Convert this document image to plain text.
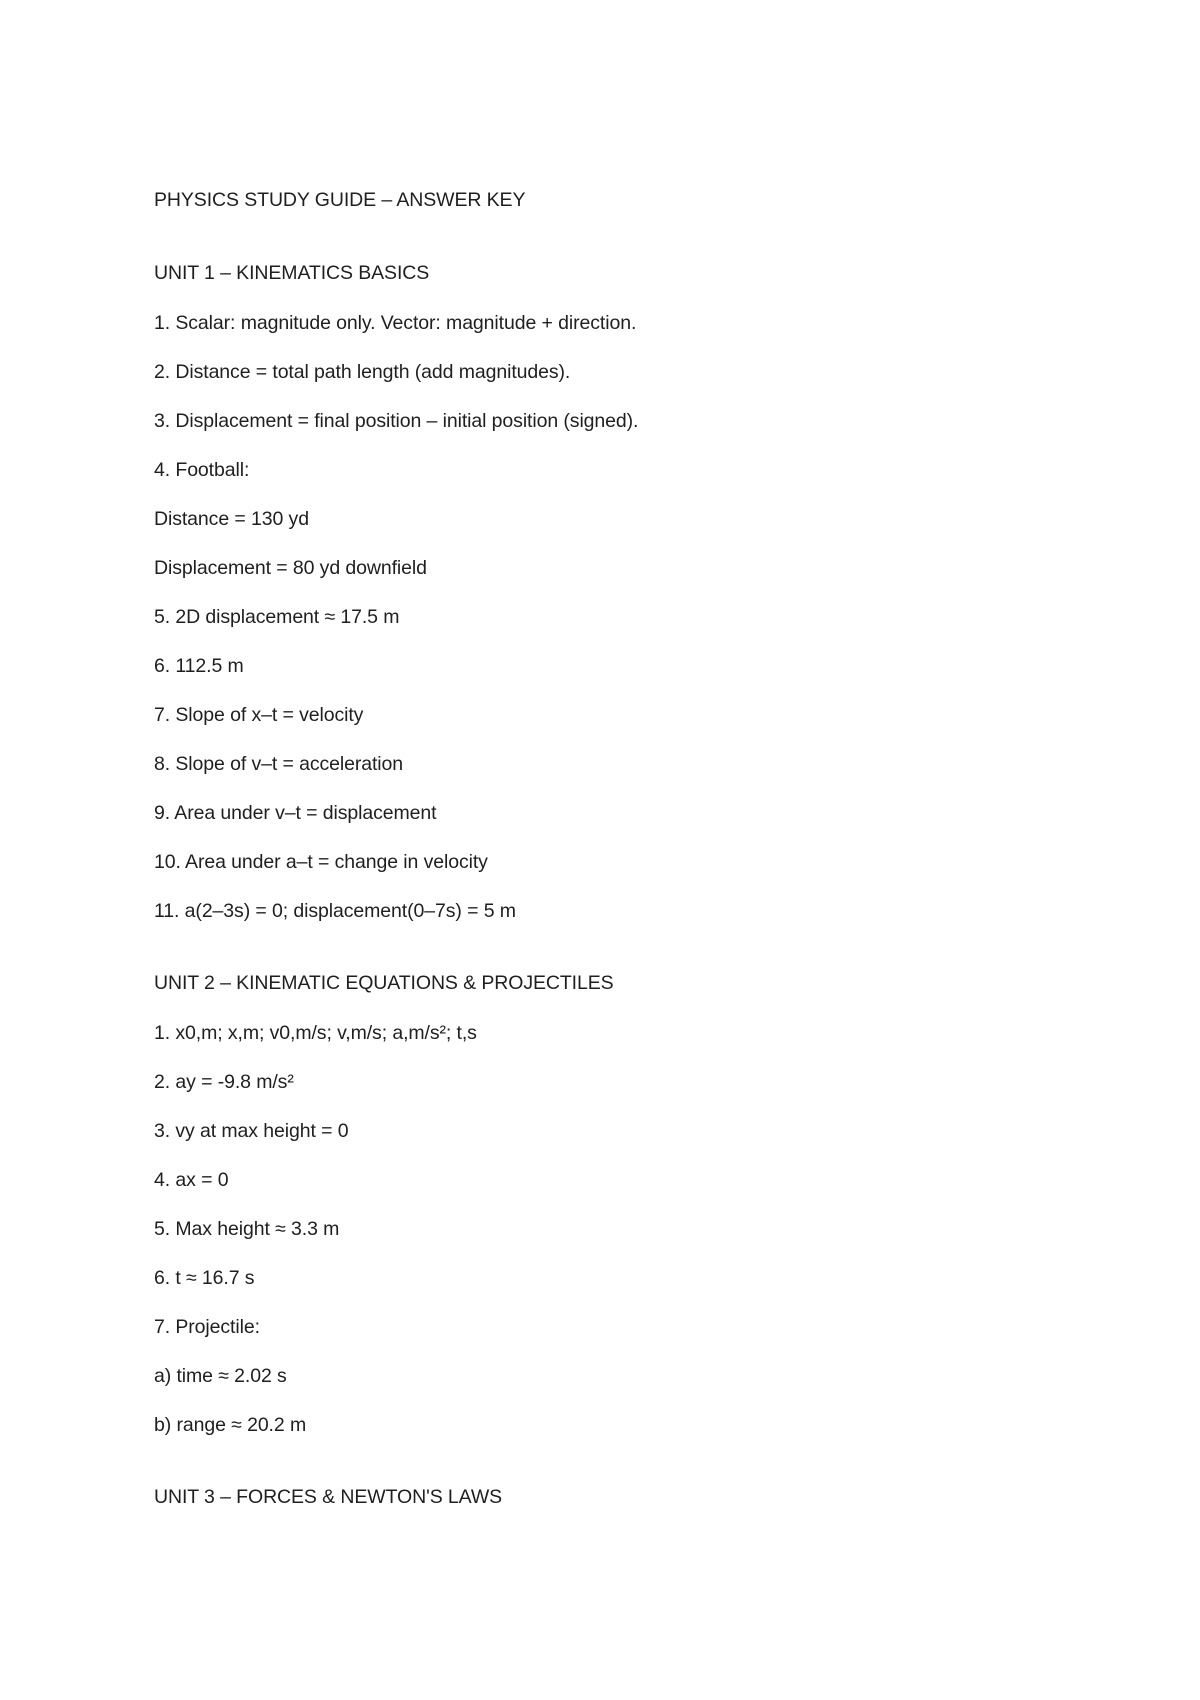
PHYSICS STUDY GUIDE – ANSWER KEY
UNIT 1 – KINEMATICS BASICS
1. Scalar: magnitude only. Vector: magnitude + direction.
2. Distance = total path length (add magnitudes).
3. Displacement = final position – initial position (signed).
4. Football:
Distance = 130 yd
Displacement = 80 yd downfield
5. 2D displacement ≈ 17.5 m
6. 112.5 m
7. Slope of x–t = velocity
8. Slope of v–t = acceleration
9. Area under v–t = displacement
10. Area under a–t = change in velocity
11. a(2–3s) = 0; displacement(0–7s) = 5 m
UNIT 2 – KINEMATIC EQUATIONS & PROJECTILES
1. x0,m; x,m; v0,m/s; v,m/s; a,m/s²; t,s
2. ay = -9.8 m/s²
3. vy at max height = 0
4. ax = 0
5. Max height ≈ 3.3 m
6. t ≈ 16.7 s
7. Projectile:
a) time ≈ 2.02 s
b) range ≈ 20.2 m
UNIT 3 – FORCES & NEWTON'S LAWS
